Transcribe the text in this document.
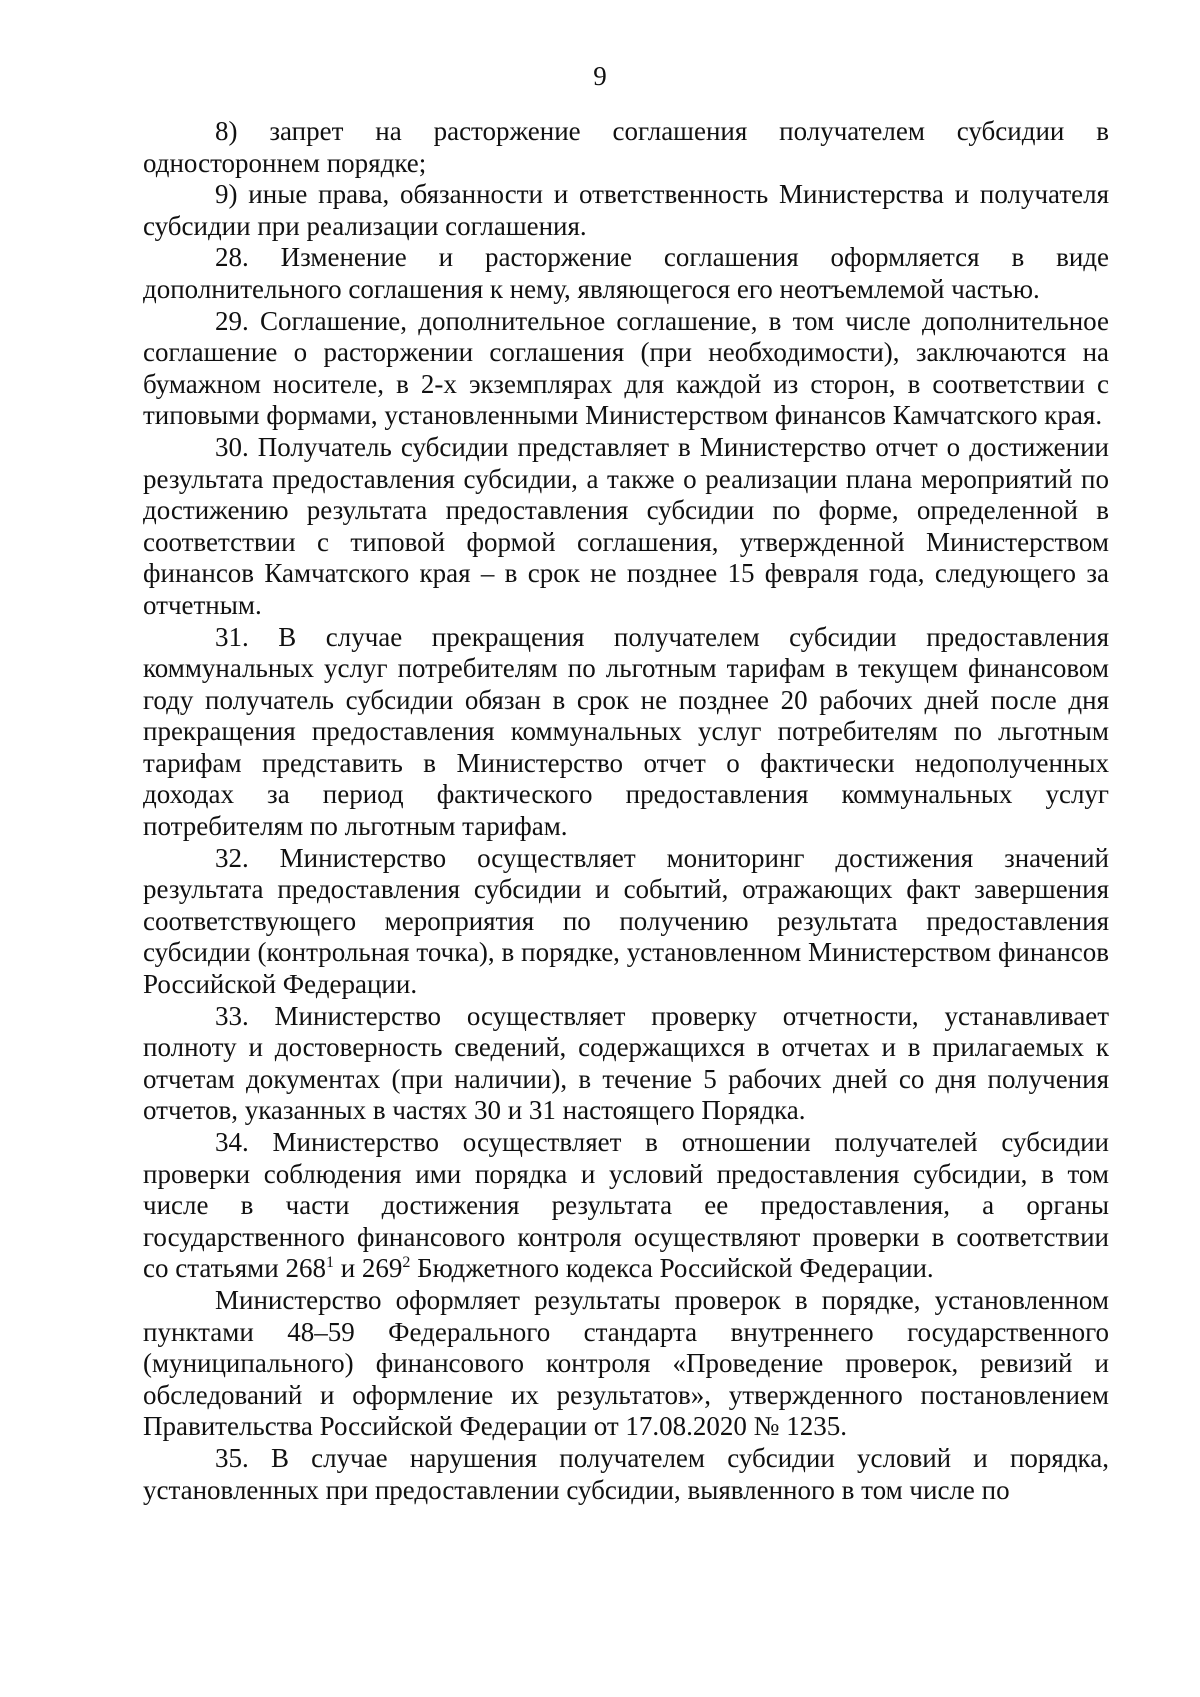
9

8) запрет на расторжение соглашения получателем субсидии в одностороннем порядке;

9) иные права, обязанности и ответственность Министерства и получателя субсидии при реализации соглашения.

28. Изменение и расторжение соглашения оформляется в виде дополнительного соглашения к нему, являющегося его неотъемлемой частью.

29. Соглашение, дополнительное соглашение, в том числе дополнительное соглашение о расторжении соглашения (при необходимости), заключаются на бумажном носителе, в 2-х экземплярах для каждой из сторон, в соответствии с типовыми формами, установленными Министерством финансов Камчатского края.

30. Получатель субсидии представляет в Министерство отчет о достижении результата предоставления субсидии, а также о реализации плана мероприятий по достижению результата предоставления субсидии по форме, определенной в соответствии с типовой формой соглашения, утвержденной Министерством финансов Камчатского края – в срок не позднее 15 февраля года, следующего за отчетным.

31. В случае прекращения получателем субсидии предоставления коммунальных услуг потребителям по льготным тарифам в текущем финансовом году получатель субсидии обязан в срок не позднее 20 рабочих дней после дня прекращения предоставления коммунальных услуг потребителям по льготным тарифам представить в Министерство отчет о фактически недополученных доходах за период фактического предоставления коммунальных услуг потребителям по льготным тарифам.

32. Министерство осуществляет мониторинг достижения значений результата предоставления субсидии и событий, отражающих факт завершения соответствующего мероприятия по получению результата предоставления субсидии (контрольная точка), в порядке, установленном Министерством финансов Российской Федерации.

33. Министерство осуществляет проверку отчетности, устанавливает полноту и достоверность сведений, содержащихся в отчетах и в прилагаемых к отчетам документах (при наличии), в течение 5 рабочих дней со дня получения отчетов, указанных в частях 30 и 31 настоящего Порядка.

34. Министерство осуществляет в отношении получателей субсидии проверки соблюдения ими порядка и условий предоставления субсидии, в том числе в части достижения результата ее предоставления, а органы государственного финансового контроля осуществляют проверки в соответствии со статьями $268^1$ и $269^2$ Бюджетного кодекса Российской Федерации.

Министерство оформляет результаты проверок в порядке, установленном пунктами 48–59 Федерального стандарта внутреннего государственного (муниципального) финансового контроля «Проведение проверок, ревизий и обследований и оформление их результатов», утвержденного постановлением Правительства Российской Федерации от 17.08.2020 № 1235.

35. В случае нарушения получателем субсидии условий и порядка, установленных при предоставлении субсидии, выявленного в том числе по
